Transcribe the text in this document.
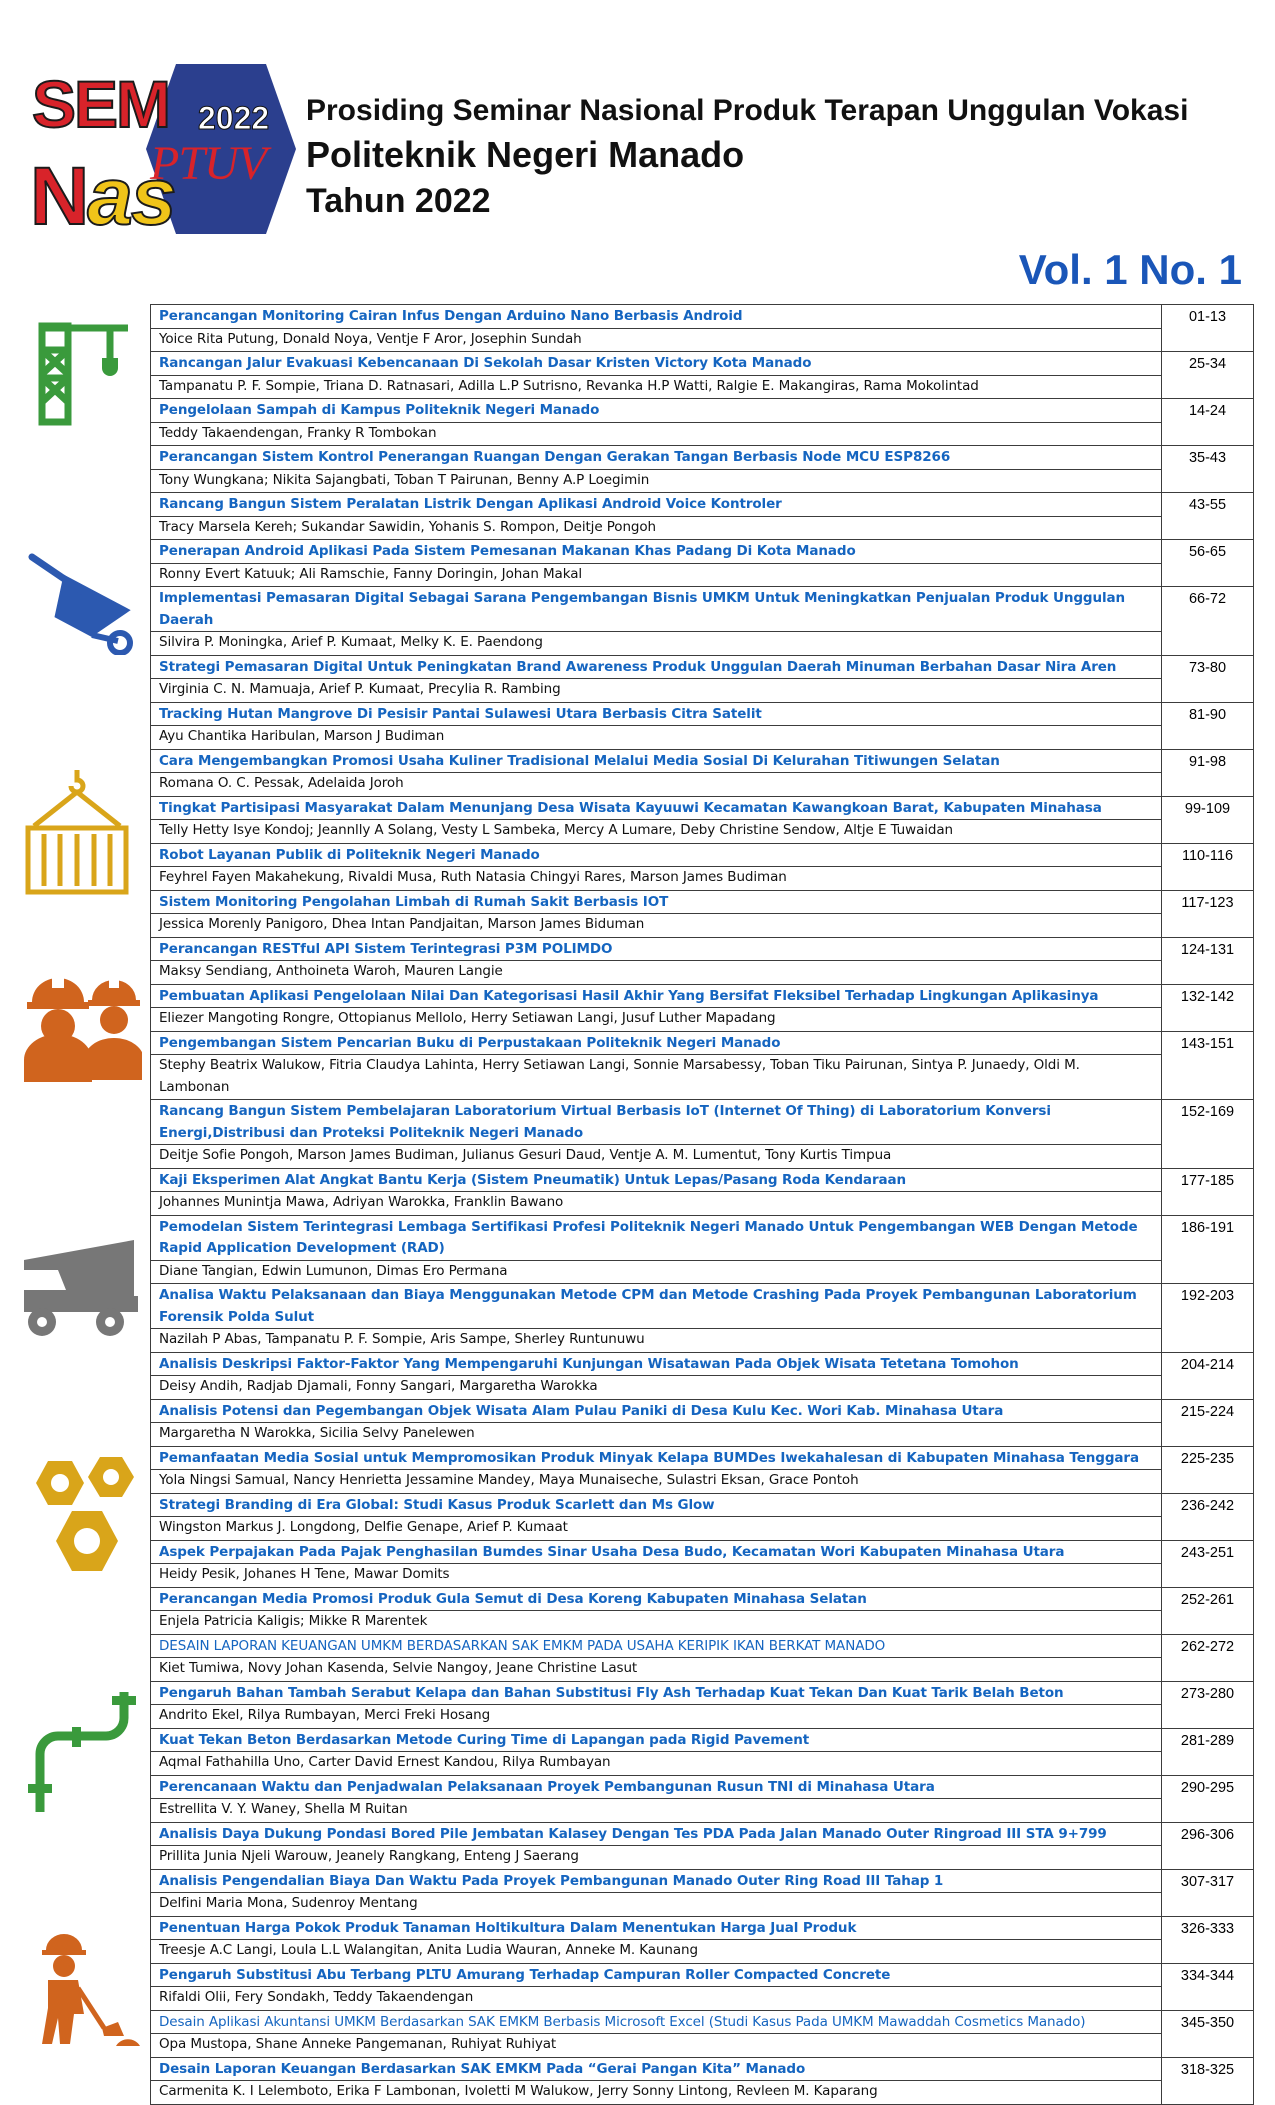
SEM 2022
PTUV
Nas
Prosiding Seminar Nasional Produk Terapan Unggulan Vokasi
Politeknik Negeri Manado
Tahun 2022
Vol. 1 No. 1
Perancangan Monitoring Cairan Infus Dengan Arduino Nano Berbasis Android
Yoice Rita Putung, Donald Noya, Ventje F Aror, Josephin Sundah	01-13

Rancangan Jalur Evakuasi Kebencanaan Di Sekolah Dasar Kristen Victory Kota Manado
Tampanatu P. F. Sompie, Triana D. Ratnasari, Adilla L.P Sutrisno, Revanka H.P Watti, Ralgie E. Makangiras, Rama Mokolintad	25-34

Pengelolaan Sampah di Kampus Politeknik Negeri Manado
Teddy Takaendengan, Franky R Tombokan	14-24

Perancangan Sistem Kontrol Penerangan Ruangan Dengan Gerakan Tangan Berbasis Node MCU ESP8266
Tony Wungkana; Nikita Sajangbati, Toban T Pairunan, Benny A.P Loegimin	35-43

Rancang Bangun Sistem Peralatan Listrik Dengan Aplikasi Android Voice Kontroler
Tracy Marsela Kereh; Sukandar Sawidin, Yohanis S. Rompon, Deitje Pongoh	43-55

Penerapan Android Aplikasi Pada Sistem Pemesanan Makanan Khas Padang Di Kota Manado
Ronny Evert Katuuk; Ali Ramschie, Fanny Doringin, Johan Makal	56-65

Implementasi Pemasaran Digital Sebagai Sarana Pengembangan Bisnis UMKM Untuk Meningkatkan Penjualan Produk Unggulan Daerah
Silvira P. Moningka, Arief P. Kumaat, Melky K. E. Paendong	66-72

Strategi Pemasaran Digital Untuk Peningkatan Brand Awareness Produk Unggulan Daerah Minuman Berbahan Dasar Nira Aren
Virginia C. N. Mamuaja, Arief P. Kumaat, Precylia R. Rambing	73-80

Tracking Hutan Mangrove Di Pesisir Pantai Sulawesi Utara Berbasis Citra Satelit
Ayu Chantika Haribulan, Marson J Budiman	81-90

Cara Mengembangkan Promosi Usaha Kuliner Tradisional Melalui Media Sosial Di Kelurahan Titiwungen Selatan
Romana O. C. Pessak, Adelaida Joroh	91-98

Tingkat Partisipasi Masyarakat Dalam Menunjang Desa Wisata Kayuuwi Kecamatan Kawangkoan Barat, Kabupaten Minahasa
Telly Hetty Isye Kondoj; Jeannlly A Solang, Vesty L Sambeka, Mercy A Lumare, Deby Christine Sendow, Altje E Tuwaidan	99-109

Robot Layanan Publik di Politeknik Negeri Manado
Feyhrel Fayen Makahekung, Rivaldi Musa, Ruth Natasia Chingyi Rares, Marson James Budiman	110-116

Sistem Monitoring Pengolahan Limbah di Rumah Sakit Berbasis IOT
Jessica Morenly Panigoro, Dhea Intan Pandjaitan, Marson James Biduman	117-123

Perancangan RESTful API Sistem Terintegrasi P3M POLIMDO
Maksy Sendiang, Anthoineta Waroh, Mauren Langie	124-131

Pembuatan Aplikasi Pengelolaan Nilai Dan Kategorisasi Hasil Akhir Yang Bersifat Fleksibel Terhadap Lingkungan Aplikasinya
Eliezer Mangoting Rongre, Ottopianus Mellolo, Herry Setiawan Langi, Jusuf Luther Mapadang	132-142

Pengembangan Sistem Pencarian Buku di Perpustakaan Politeknik Negeri Manado
Stephy Beatrix Walukow, Fitria Claudya Lahinta, Herry Setiawan Langi, Sonnie Marsabessy, Toban Tiku Pairunan, Sintya P. Junaedy, Oldi M. Lambonan	143-151

Rancang Bangun Sistem Pembelajaran Laboratorium Virtual Berbasis IoT (Internet Of Thing) di Laboratorium Konversi Energi,Distribusi dan Proteksi Politeknik Negeri Manado
Deitje Sofie Pongoh, Marson James Budiman, Julianus Gesuri Daud, Ventje A. M. Lumentut, Tony Kurtis Timpua	152-169

Kaji Eksperimen Alat Angkat Bantu Kerja (Sistem Pneumatik) Untuk Lepas/Pasang Roda Kendaraan
Johannes Munintja Mawa, Adriyan Warokka, Franklin Bawano	177-185

Pemodelan Sistem Terintegrasi Lembaga Sertifikasi Profesi Politeknik Negeri Manado Untuk Pengembangan WEB Dengan Metode Rapid Application Development (RAD)
Diane Tangian, Edwin Lumunon, Dimas Ero Permana	186-191

Analisa Waktu Pelaksanaan dan Biaya Menggunakan Metode CPM dan Metode Crashing Pada Proyek Pembangunan Laboratorium Forensik Polda Sulut
Nazilah P Abas, Tampanatu P. F. Sompie, Aris Sampe, Sherley Runtunuwu	192-203

Analisis Deskripsi Faktor-Faktor Yang Mempengaruhi Kunjungan Wisatawan Pada Objek Wisata Tetetana Tomohon
Deisy Andih, Radjab Djamali, Fonny Sangari, Margaretha Warokka	204-214

Analisis Potensi dan Pegembangan Objek Wisata Alam Pulau Paniki di Desa Kulu Kec. Wori Kab. Minahasa Utara
Margaretha N Warokka, Sicilia Selvy Panelewen	215-224

Pemanfaatan Media Sosial untuk Mempromosikan Produk Minyak Kelapa BUMDes Iwekahalesan di Kabupaten Minahasa Tenggara
Yola Ningsi Samual, Nancy Henrietta Jessamine Mandey, Maya Munaiseche, Sulastri Eksan, Grace Pontoh	225-235

Strategi Branding di Era Global: Studi Kasus Produk Scarlett dan Ms Glow
Wingston Markus J. Longdong, Delfie Genape, Arief P. Kumaat	236-242

Aspek Perpajakan Pada Pajak Penghasilan Bumdes Sinar Usaha Desa Budo, Kecamatan Wori Kabupaten Minahasa Utara
Heidy Pesik, Johanes H Tene, Mawar Domits	243-251

Perancangan Media Promosi Produk Gula Semut di Desa Koreng Kabupaten Minahasa Selatan
Enjela Patricia Kaligis; Mikke R Marentek	252-261

DESAIN LAPORAN KEUANGAN UMKM BERDASARKAN SAK EMKM PADA USAHA KERIPIK IKAN BERKAT MANADO
Kiet Tumiwa, Novy Johan Kasenda, Selvie Nangoy, Jeane Christine Lasut	262-272

Pengaruh Bahan Tambah Serabut Kelapa dan Bahan Substitusi Fly Ash Terhadap Kuat Tekan Dan Kuat Tarik Belah Beton
Andrito Ekel, Rilya Rumbayan, Merci Freki Hosang	273-280

Kuat Tekan Beton Berdasarkan Metode Curing Time di Lapangan pada Rigid Pavement
Aqmal Fathahilla Uno, Carter David Ernest Kandou, Rilya Rumbayan	281-289

Perencanaan Waktu dan Penjadwalan Pelaksanaan Proyek Pembangunan Rusun TNI di Minahasa Utara
Estrellita V. Y. Waney, Shella M Ruitan	290-295

Analisis Daya Dukung Pondasi Bored Pile Jembatan Kalasey Dengan Tes PDA Pada Jalan Manado Outer Ringroad III STA 9+799
Prillita Junia Njeli Warouw, Jeanely Rangkang, Enteng J Saerang	296-306

Analisis Pengendalian Biaya Dan Waktu Pada Proyek Pembangunan Manado Outer Ring Road III Tahap 1
Delfini Maria Mona, Sudenroy Mentang	307-317

Penentuan Harga Pokok Produk Tanaman Holtikultura Dalam Menentukan Harga Jual Produk
Treesje A.C Langi, Loula L.L Walangitan, Anita Ludia Wauran, Anneke M. Kaunang	326-333

Pengaruh Substitusi Abu Terbang PLTU Amurang Terhadap Campuran Roller Compacted Concrete
Rifaldi Olii, Fery Sondakh, Teddy Takaendengan	334-344

Desain Aplikasi Akuntansi UMKM Berdasarkan SAK EMKM Berbasis Microsoft Excel (Studi Kasus Pada UMKM Mawaddah Cosmetics Manado)
Opa Mustopa, Shane Anneke Pangemanan, Ruhiyat Ruhiyat	345-350

Desain Laporan Keuangan Berdasarkan SAK EMKM Pada “Gerai Pangan Kita” Manado
Carmenita K. I Lelemboto, Erika F Lambonan, Ivoletti M Walukow, Jerry Sonny Lintong, Revleen M. Kaparang	318-325
